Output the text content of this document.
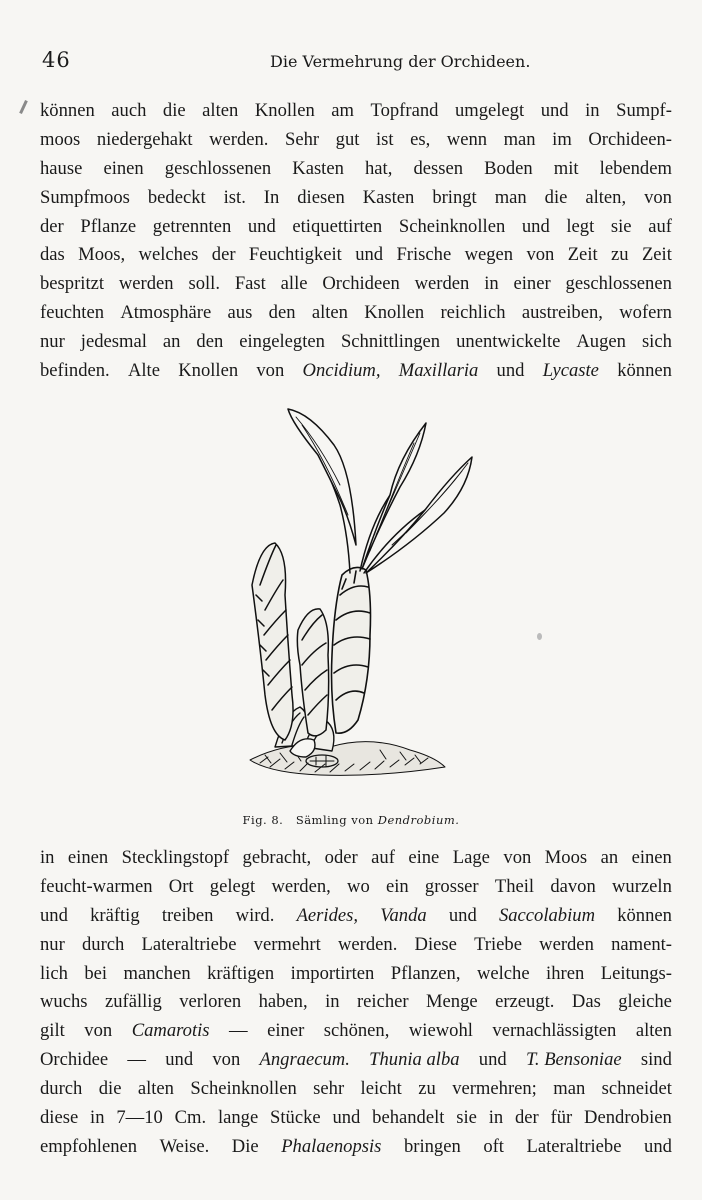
46	Die Vermehrung der Orchideen.
können auch die alten Knollen am Topfrand umgelegt und in Sumpf-
moos niedergehakt werden. Sehr gut ist es, wenn man im Orchideen-
hause einen geschlossenen Kasten hat, dessen Boden mit lebendem
Sumpfmoos bedeckt ist. In diesen Kasten bringt man die alten, von
der Pflanze getrennten und etiquettirten Scheinknollen und legt sie auf
das Moos, welches der Feuchtigkeit und Frische wegen von Zeit zu Zeit
bespritzt werden soll. Fast alle Orchideen werden in einer geschlossenen
feuchten Atmosphäre aus den alten Knollen reichlich austreiben, wofern
nur jedesmal an den eingelegten Schnittlingen unentwickelte Augen sich
befinden. Alte Knollen von Oncidium, Maxillaria und Lycaste können
Fig. 8. Sämling von Dendrobium.
in einen Stecklingstopf gebracht, oder auf eine Lage von Moos an einen
feucht-warmen Ort gelegt werden, wo ein grosser Theil davon wurzeln
und kräftig treiben wird. Aerides, Vanda und Saccolabium können
nur durch Lateraltriebe vermehrt werden. Diese Triebe werden nament-
lich bei manchen kräftigen importirten Pflanzen, welche ihren Leitungs-
wuchs zufällig verloren haben, in reicher Menge erzeugt. Das gleiche
gilt von Camarotis — einer schönen, wiewohl vernachlässigten alten
Orchidee — und von Angraecum. Thunia alba und T. Bensoniae sind
durch die alten Scheinknollen sehr leicht zu vermehren; man schneidet
diese in 7—10 Cm. lange Stücke und behandelt sie in der für Dendrobien
empfohlenen Weise. Die Phalaenopsis bringen oft Lateraltriebe und
